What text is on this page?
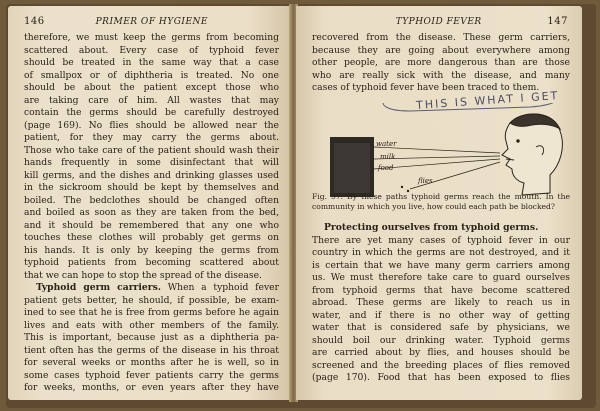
146	PRIMER OF HYGIENE
therefore, we must keep the germs from becoming
scattered about. Every case of typhoid fever
should be treated in the same way that a case
of smallpox or of diphtheria is treated. No one
should be about the patient except those who
are taking care of him. All wastes that may
contain the germs should be carefully destroyed
(page 169). No flies should be allowed near the
patient, for they may carry the germs about.
Those who take care of the patient should wash their
hands frequently in some disinfectant that will
kill germs, and the dishes and drinking glasses used
in the sickroom should be kept by themselves and
boiled. The bedclothes should be changed often
and boiled as soon as they are taken from the bed,
and it should be remembered that any one who
touches these clothes will probably get germs on
his hands. It is only by keeping the germs from
typhoid patients from becoming scattered about
that we can hope to stop the spread of the disease.
Typhoid germ carriers. When a typhoid fever
patient gets better, he should, if possible, be exam-
ined to see that he is free from germs before he again
lives and eats with other members of the family.
This is important, because just as a diphtheria pa-
tient often has the germs of the disease in his throat
for several weeks or months after he is well, so in
some cases typhoid fever patients carry the germs
for weeks, months, or even years after they have
TYPHOID FEVER	147
recovered from the disease. These germ carriers,
because they are going about everywhere among
other people, are more dangerous than are those
who are really sick with the disease, and many
cases of typhoid fever have been traced to them.
THIS IS WHAT I GET
water
milk
food
flies
Fig. 97. By these paths typhoid germs reach the mouth. In the
community in which you live, how could each path be blocked?
Protecting ourselves from typhoid germs.
There are yet many cases of typhoid fever in our
country in which the germs are not destroyed, and it
is certain that we have many germ carriers among
us. We must therefore take care to guard ourselves
from typhoid germs that have become scattered
abroad. These germs are likely to reach us in
water, and if there is no other way of getting
water that is considered safe by physicians, we
should boil our drinking water. Typhoid germs
are carried about by flies, and houses should be
screened and the breeding places of flies removed
(page 170). Food that has been exposed to flies
